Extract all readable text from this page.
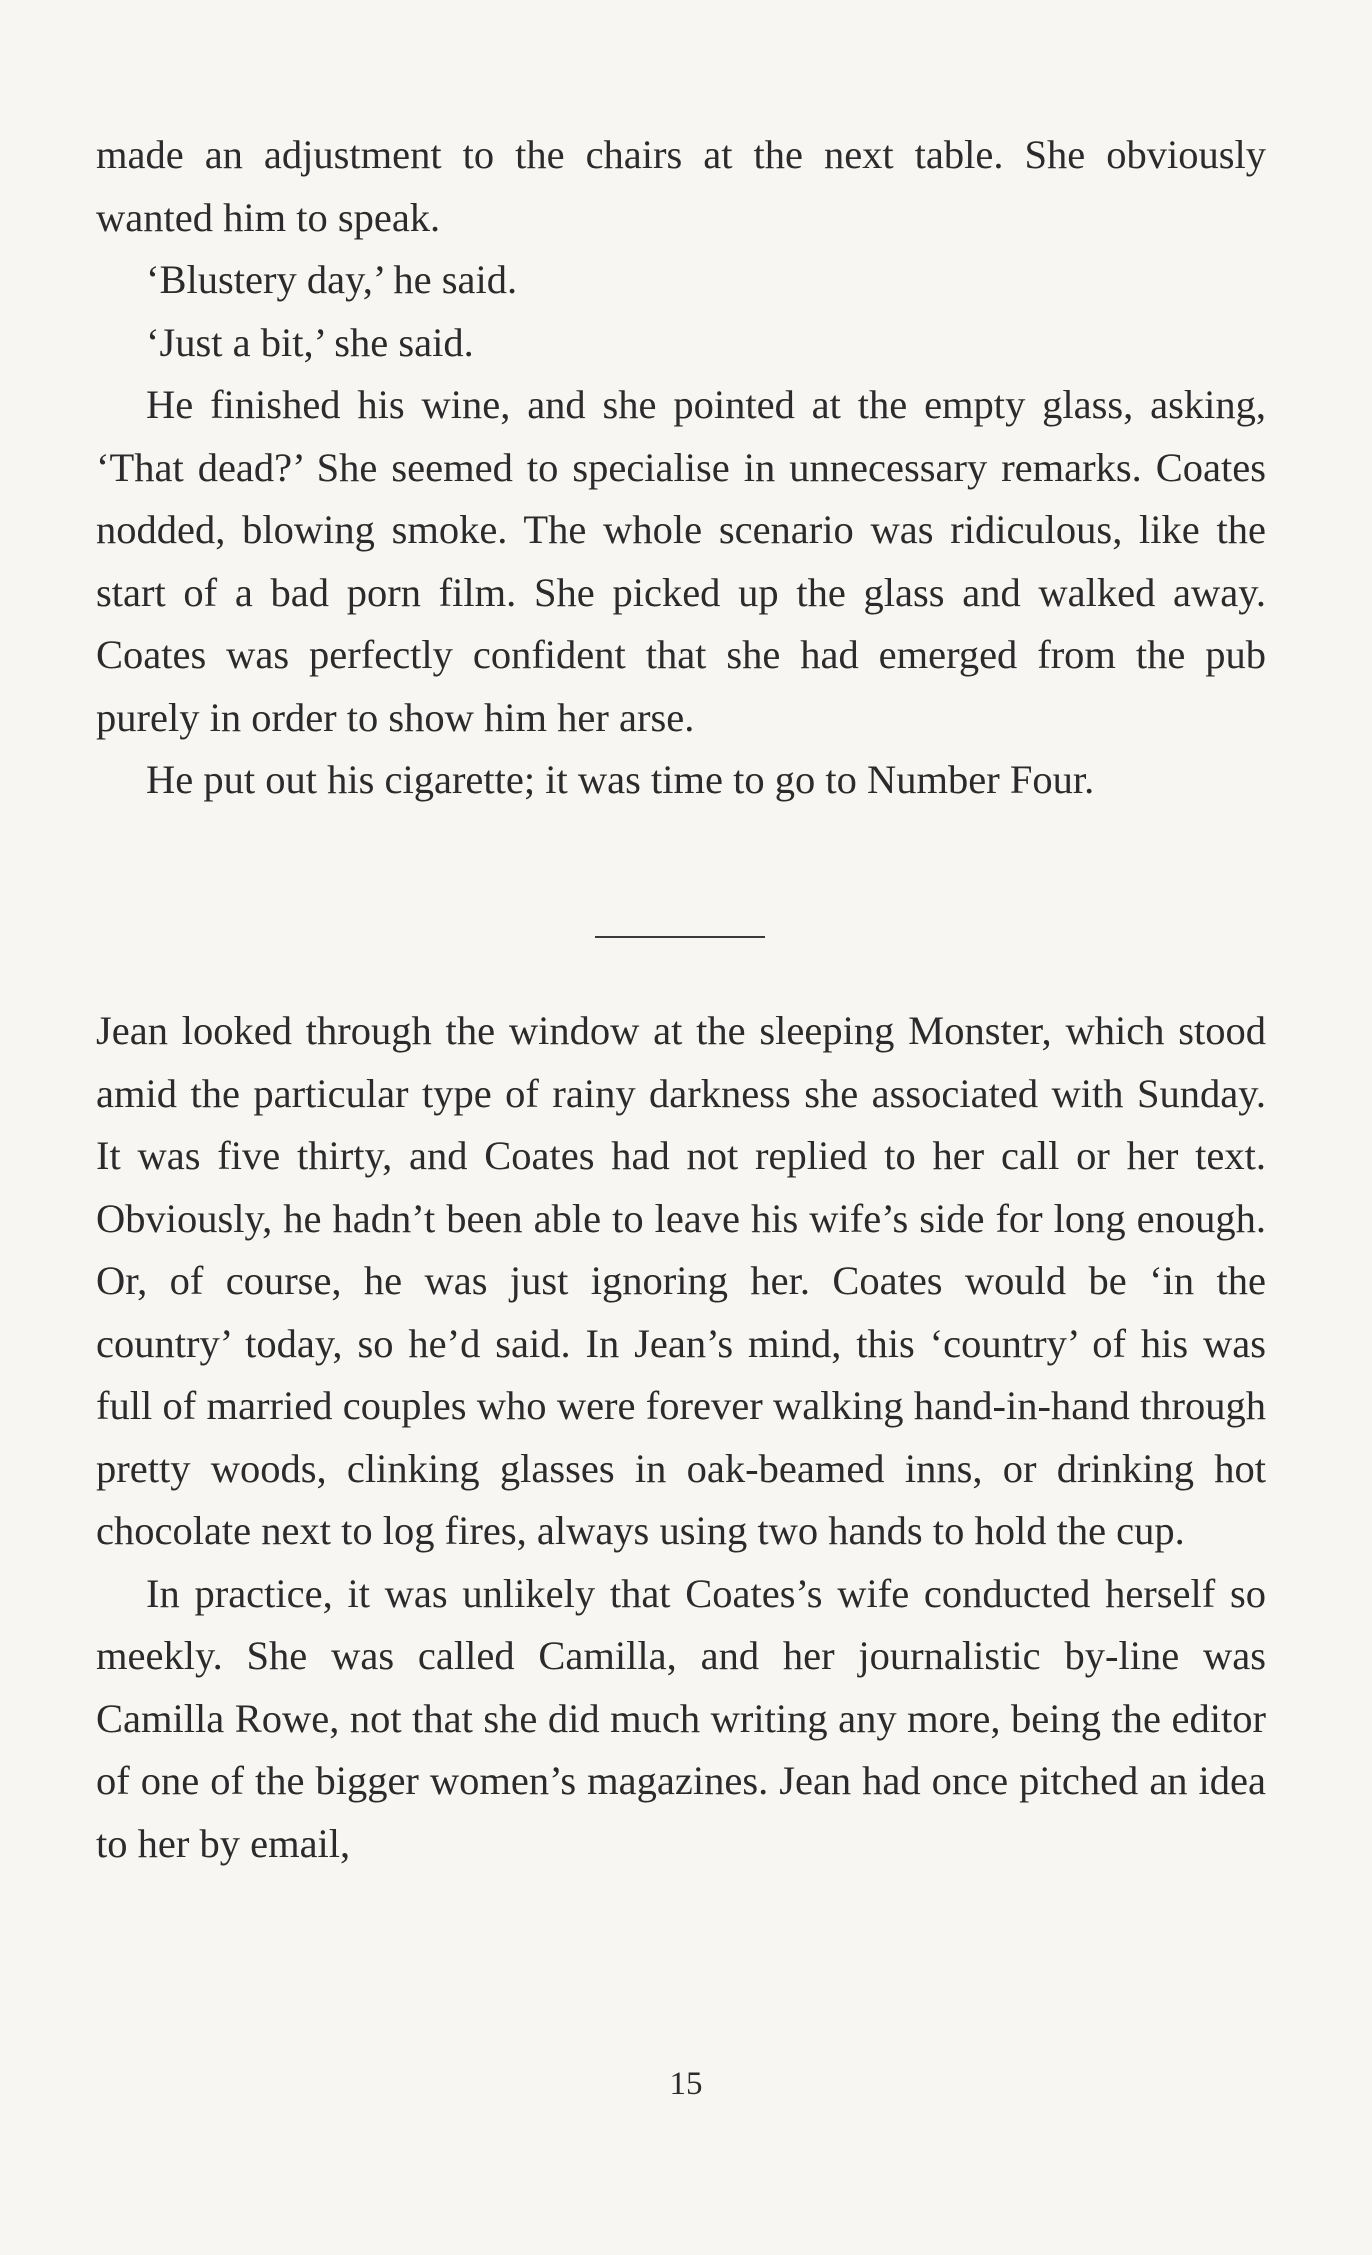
made an adjustment to the chairs at the next table. She obviously wanted him to speak.

‘Blustery day,’ he said.

‘Just a bit,’ she said.

He finished his wine, and she pointed at the empty glass, asking, ‘That dead?’ She seemed to specialise in unnecessary remarks. Coates nodded, blowing smoke. The whole scenario was ridiculous, like the start of a bad porn film. She picked up the glass and walked away. Coates was perfectly confident that she had emerged from the pub purely in order to show him her arse.

He put out his cigarette; it was time to go to Number Four.

Jean looked through the window at the sleeping Monster, which stood amid the particular type of rainy darkness she associated with Sunday. It was five thirty, and Coates had not replied to her call or her text. Obviously, he hadn’t been able to leave his wife’s side for long enough. Or, of course, he was just ignoring her. Coates would be ‘in the country’ today, so he’d said. In Jean’s mind, this ‘country’ of his was full of married couples who were forever walking hand-in-hand through pretty woods, clinking glasses in oak-beamed inns, or drinking hot chocolate next to log fires, always using two hands to hold the cup.

In practice, it was unlikely that Coates’s wife conducted herself so meekly. She was called Camilla, and her journalistic by-line was Camilla Rowe, not that she did much writing any more, being the editor of one of the bigger women’s magazines. Jean had once pitched an idea to her by email,

15
